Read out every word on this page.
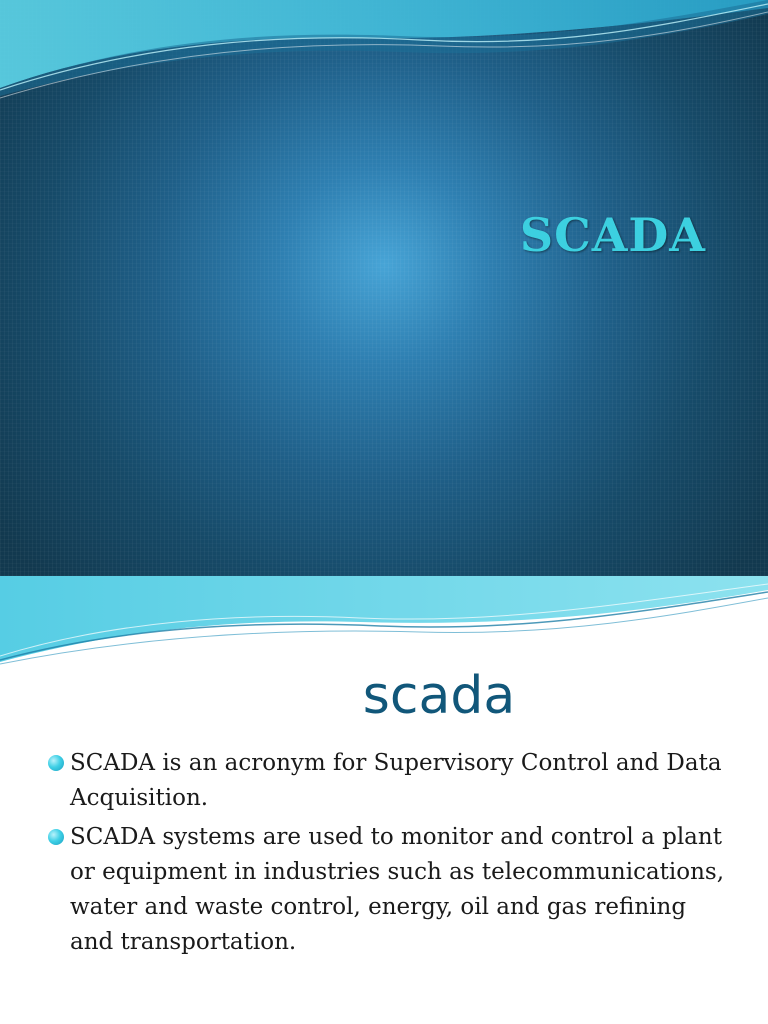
SCADA
scada
SCADA is an acronym for Supervisory Control and Data Acquisition.
SCADA systems are used to monitor and control a plant or equipment in industries such as telecommunications, water and waste control, energy, oil and gas refining and transportation.
